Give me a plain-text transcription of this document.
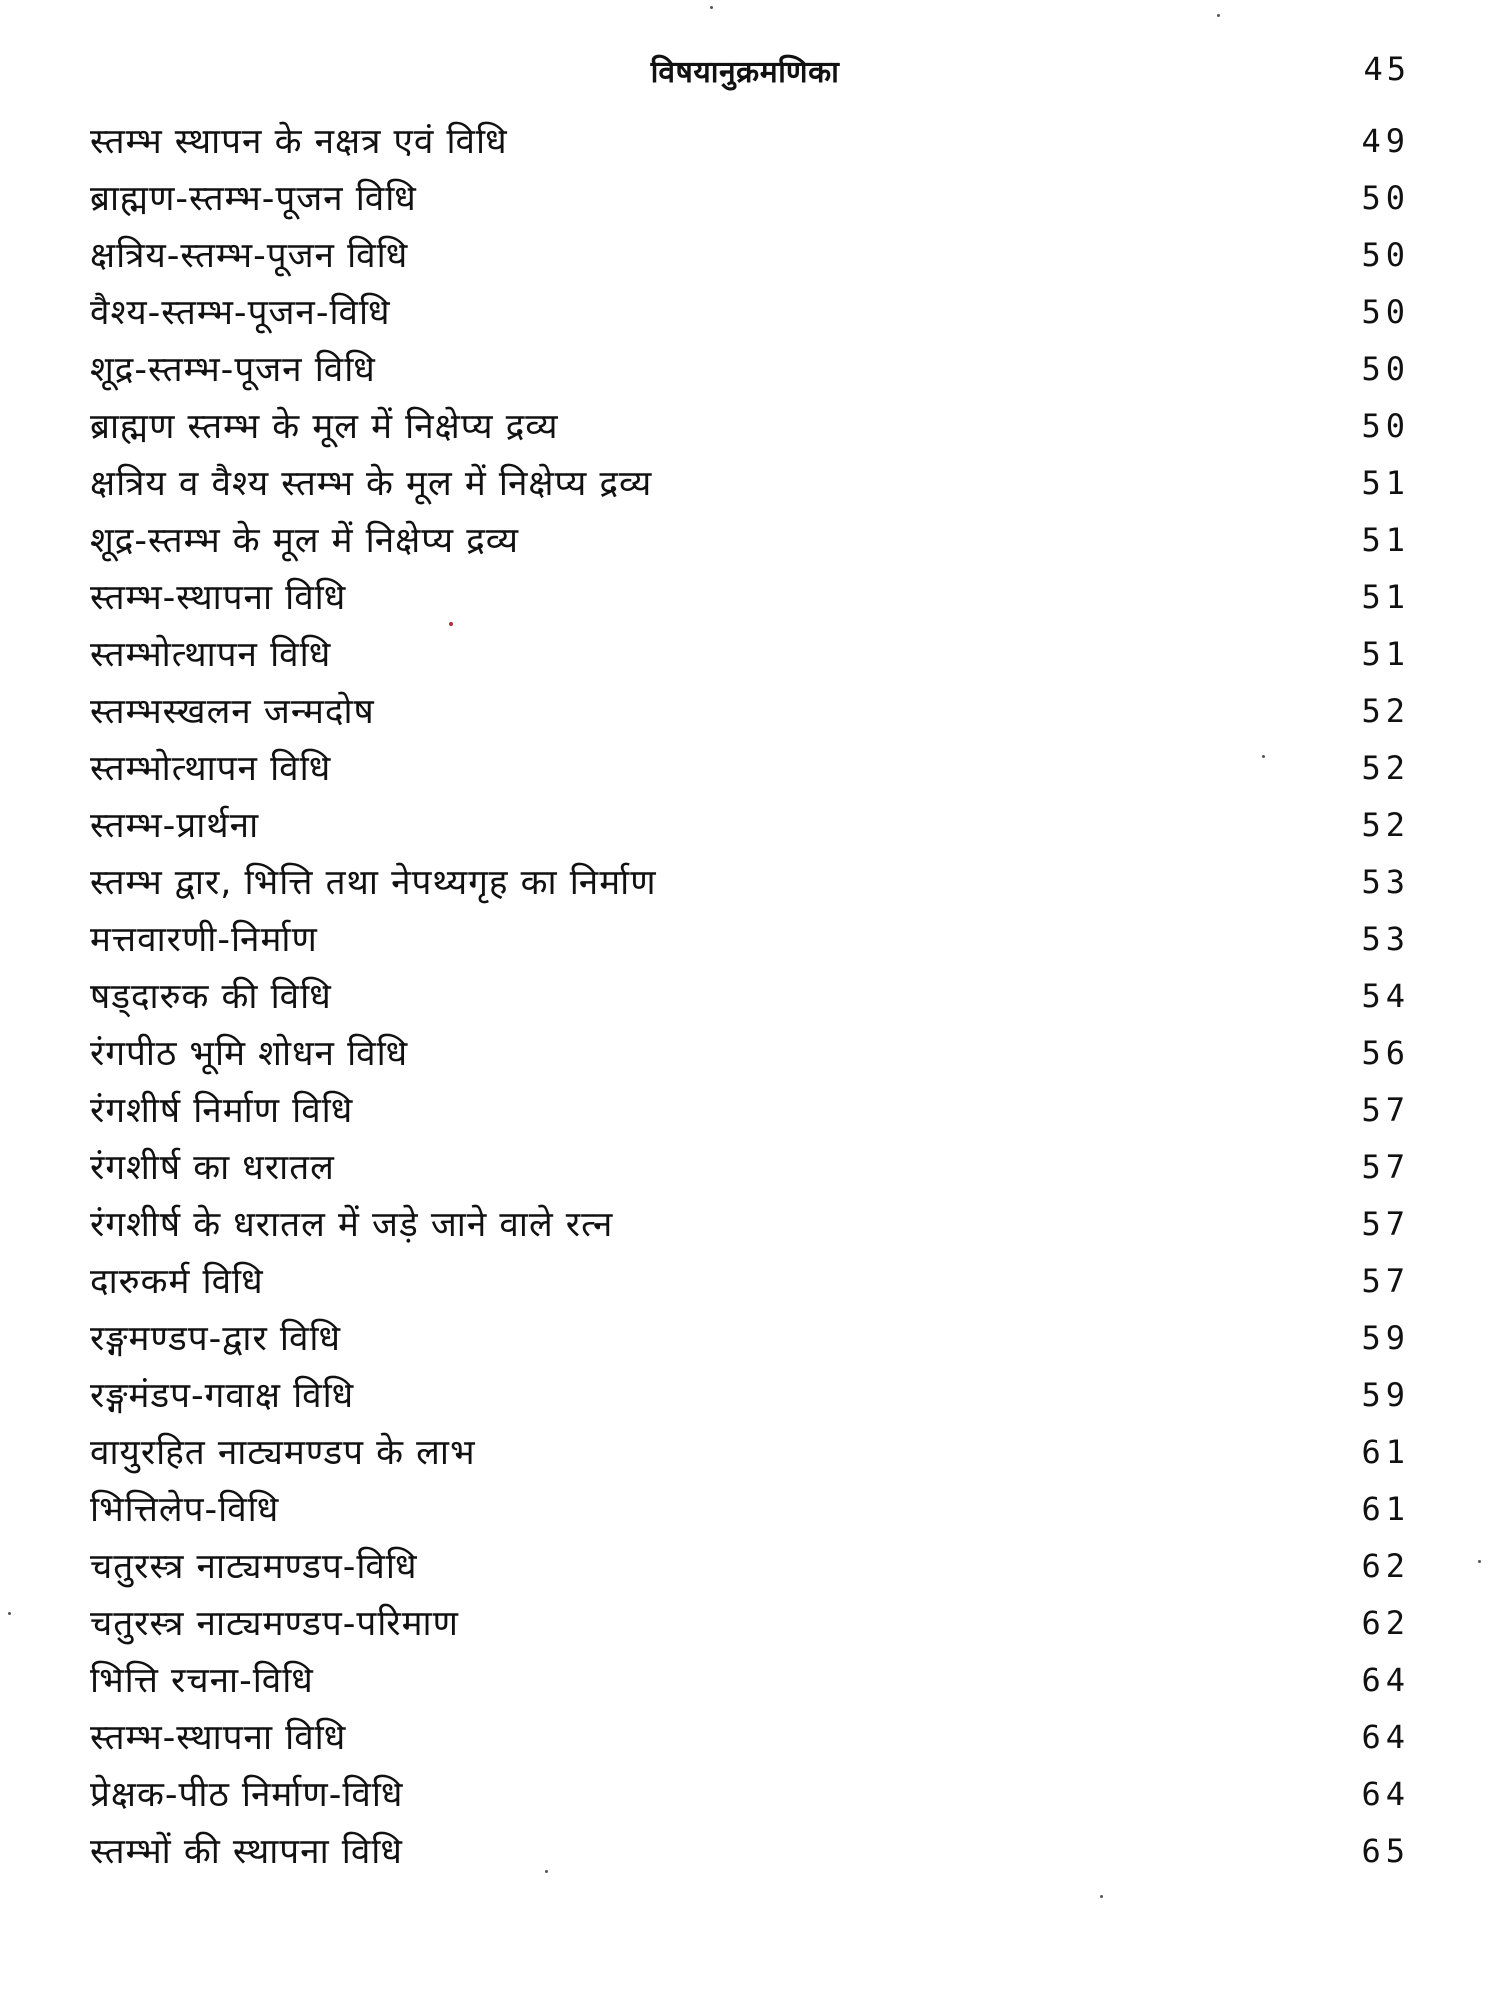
विषयानुक्रमणिका	45
स्तम्भ स्थापन के नक्षत्र एवं विधि	49
ब्राह्मण-स्तम्भ-पूजन विधि	50
क्षत्रिय-स्तम्भ-पूजन विधि	50
वैश्य-स्तम्भ-पूजन-विधि	50
शूद्र-स्तम्भ-पूजन विधि	50
ब्राह्मण स्तम्भ के मूल में निक्षेप्य द्रव्य	50
क्षत्रिय व वैश्य स्तम्भ के मूल में निक्षेप्य द्रव्य	51
शूद्र-स्तम्भ के मूल में निक्षेप्य द्रव्य	51
स्तम्भ-स्थापना विधि	51
स्तम्भोत्थापन विधि	51
स्तम्भस्खलन जन्मदोष	52
स्तम्भोत्थापन विधि	52
स्तम्भ-प्रार्थना	52
स्तम्भ द्वार, भित्ति तथा नेपथ्यगृह का निर्माण	53
मत्तवारणी-निर्माण	53
षड्दारुक की विधि	54
रंगपीठ भूमि शोधन विधि	56
रंगशीर्ष निर्माण विधि	57
रंगशीर्ष का धरातल	57
रंगशीर्ष के धरातल में जड़े जाने वाले रत्न	57
दारुकर्म विधि	57
रङ्गमण्डप-द्वार विधि	59
रङ्गमंडप-गवाक्ष विधि	59
वायुरहित नाट्यमण्डप के लाभ	61
भित्तिलेप-विधि	61
चतुरस्त्र नाट्यमण्डप-विधि	62
चतुरस्त्र नाट्यमण्डप-परिमाण	62
भित्ति रचना-विधि	64
स्तम्भ-स्थापना विधि	64
प्रेक्षक-पीठ निर्माण-विधि	64
स्तम्भों की स्थापना विधि	65
